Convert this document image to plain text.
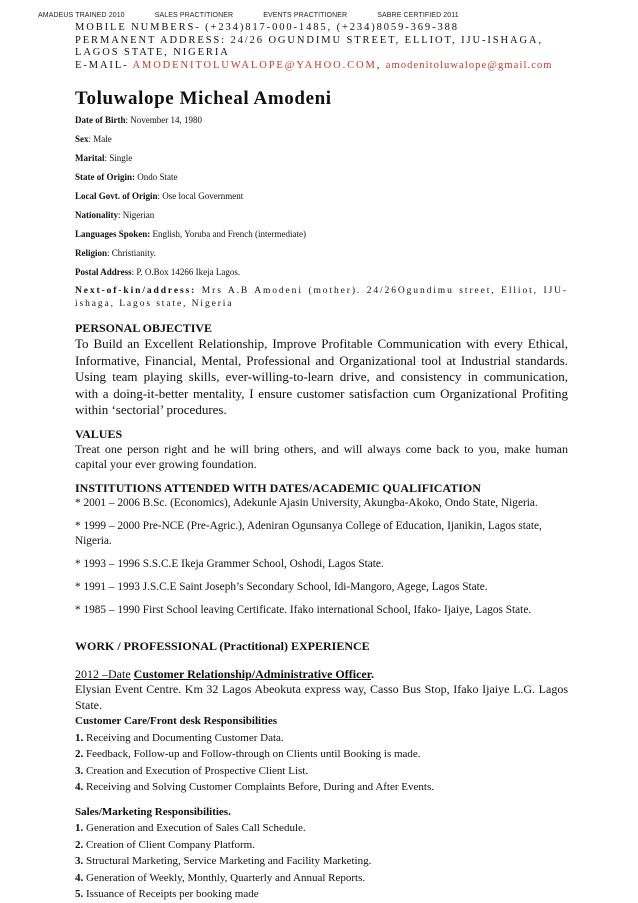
AMADEUS TRAINED 2010	SALES PRACTITIONER	EVENTS PRACTITIONER	SABRE CERTIFIED 2011

MOBILE NUMBERS- (+234)817-000-1485, (+234)8059-369-388

PERMANENT ADDRESS: 24/26 OGUNDIMU STREET, ELLIOT, IJU-ISHAGA, LAGOS STATE, NIGERIA

E-MAIL- AMODENITOLUWALOPE@YAHOO.COM, amodenitoluwalope@gmail.com

Toluwalope Micheal Amodeni

Date of Birth: November 14, 1980

Sex: Male

Marital: Single

State of Origin: Ondo State

Local Govt. of Origin: Ose local Government

Nationality: Nigerian

Languages Spoken: English, Yoruba and French (intermediate)

Religion: Christianity.

Postal Address: P. O.Box 14266 Ikeja Lagos.

Next-of-kin/address: Mrs A.B Amodeni (mother). 24/26Ogundimu street, Elliot, IJU-ishaga, Lagos state, Nigeria

PERSONAL OBJECTIVE

To Build an Excellent Relationship, Improve Profitable Communication with every Ethical, Informative, Financial, Mental, Professional and Organizational tool at Industrial standards. Using team playing skills, ever-willing-to-learn drive, and consistency in communication, with a doing-it-better mentality, I ensure customer satisfaction cum Organizational Profiting within ‘sectorial’ procedures.

VALUES

Treat one person right and he will bring others, and will always come back to you, make human capital your ever growing foundation.

INSTITUTIONS ATTENDED WITH DATES/ACADEMIC QUALIFICATION

* 2001 – 2006 B.Sc. (Economics), Adekunle Ajasin University, Akungba-Akoko, Ondo State, Nigeria.

* 1999 – 2000 Pre-NCE (Pre-Agric.), Adeniran Ogunsanya College of Education, Ijanikin, Lagos state, Nigeria.

* 1993 – 1996 S.S.C.E Ikeja Grammer School, Oshodi, Lagos State.

* 1991 – 1993 J.S.C.E Saint Joseph’s Secondary School, Idi-Mangoro, Agege, Lagos State.

* 1985 – 1990 First School leaving Certificate. Ifako international School, Ifako- Ijaiye, Lagos State.

WORK / PROFESSIONAL (Practitional) EXPERIENCE

2012 –Date Customer Relationship/Administrative Officer.

Elysian Event Centre. Km 32 Lagos Abeokuta express way, Casso Bus Stop, Ifako Ijaiye L.G. Lagos State.

Customer Care/Front desk Responsibilities

1. Receiving and Documenting Customer Data.

2. Feedback, Follow-up and Follow-through on Clients until Booking is made.

3. Creation and Execution of Prospective Client List.

4. Receiving and Solving Customer Complaints Before, During and After Events.

Sales/Marketing Responsibilities.

1. Generation and Execution of Sales Call Schedule.

2. Creation of Client Company Platform.

3. Structural Marketing, Service Marketing and Facility Marketing.

4. Generation of Weekly, Monthly, Quarterly and Annual Reports.

5. Issuance of Receipts per booking made
